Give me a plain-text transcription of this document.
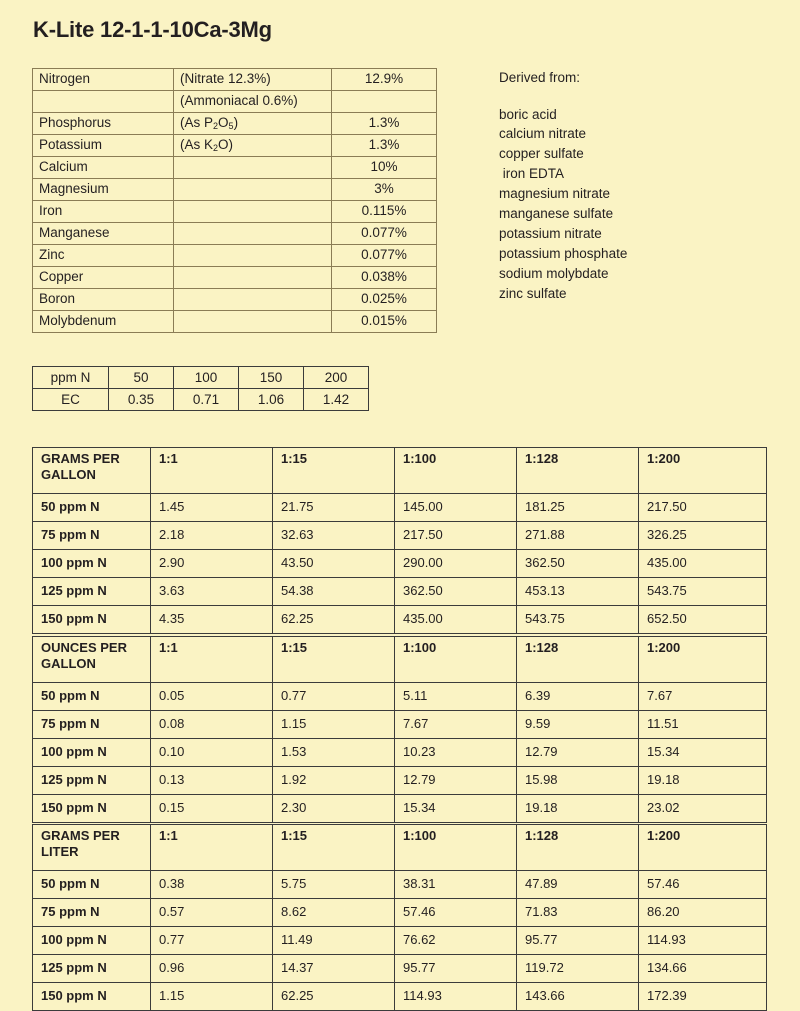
K-Lite 12-1-1-10Ca-3Mg
Nitrogen	(Nitrate 12.3%)	12.9%
	(Ammoniacal 0.6%)	
Phosphorus	(As $P_2O_5$)	1.3%
Potassium	(As $K_2O$)	1.3%
Calcium		10%
Magnesium		3%
Iron		0.115%
Manganese		0.077%
Zinc		0.077%
Copper		0.038%
Boron		0.025%
Molybdenum		0.015%
Derived from:
boric acid
calcium nitrate
copper sulfate
iron EDTA
magnesium nitrate
manganese sulfate
potassium nitrate
potassium phosphate
sodium molybdate
zinc sulfate
ppm N	50	100	150	200
EC	0.35	0.71	1.06	1.42
GRAMS PER GALLON	1:1	1:15	1:100	1:128	1:200
50 ppm N	1.45	21.75	145.00	181.25	217.50
75 ppm N	2.18	32.63	217.50	271.88	326.25
100 ppm N	2.90	43.50	290.00	362.50	435.00
125 ppm N	3.63	54.38	362.50	453.13	543.75
150 ppm N	4.35	62.25	435.00	543.75	652.50
OUNCES PER GALLON	1:1	1:15	1:100	1:128	1:200
50 ppm N	0.05	0.77	5.11	6.39	7.67
75 ppm N	0.08	1.15	7.67	9.59	11.51
100 ppm N	0.10	1.53	10.23	12.79	15.34
125 ppm N	0.13	1.92	12.79	15.98	19.18
150 ppm N	0.15	2.30	15.34	19.18	23.02
GRAMS PER LITER	1:1	1:15	1:100	1:128	1:200
50 ppm N	0.38	5.75	38.31	47.89	57.46
75 ppm N	0.57	8.62	57.46	71.83	86.20
100 ppm N	0.77	11.49	76.62	95.77	114.93
125 ppm N	0.96	14.37	95.77	119.72	134.66
150 ppm N	1.15	62.25	114.93	143.66	172.39
